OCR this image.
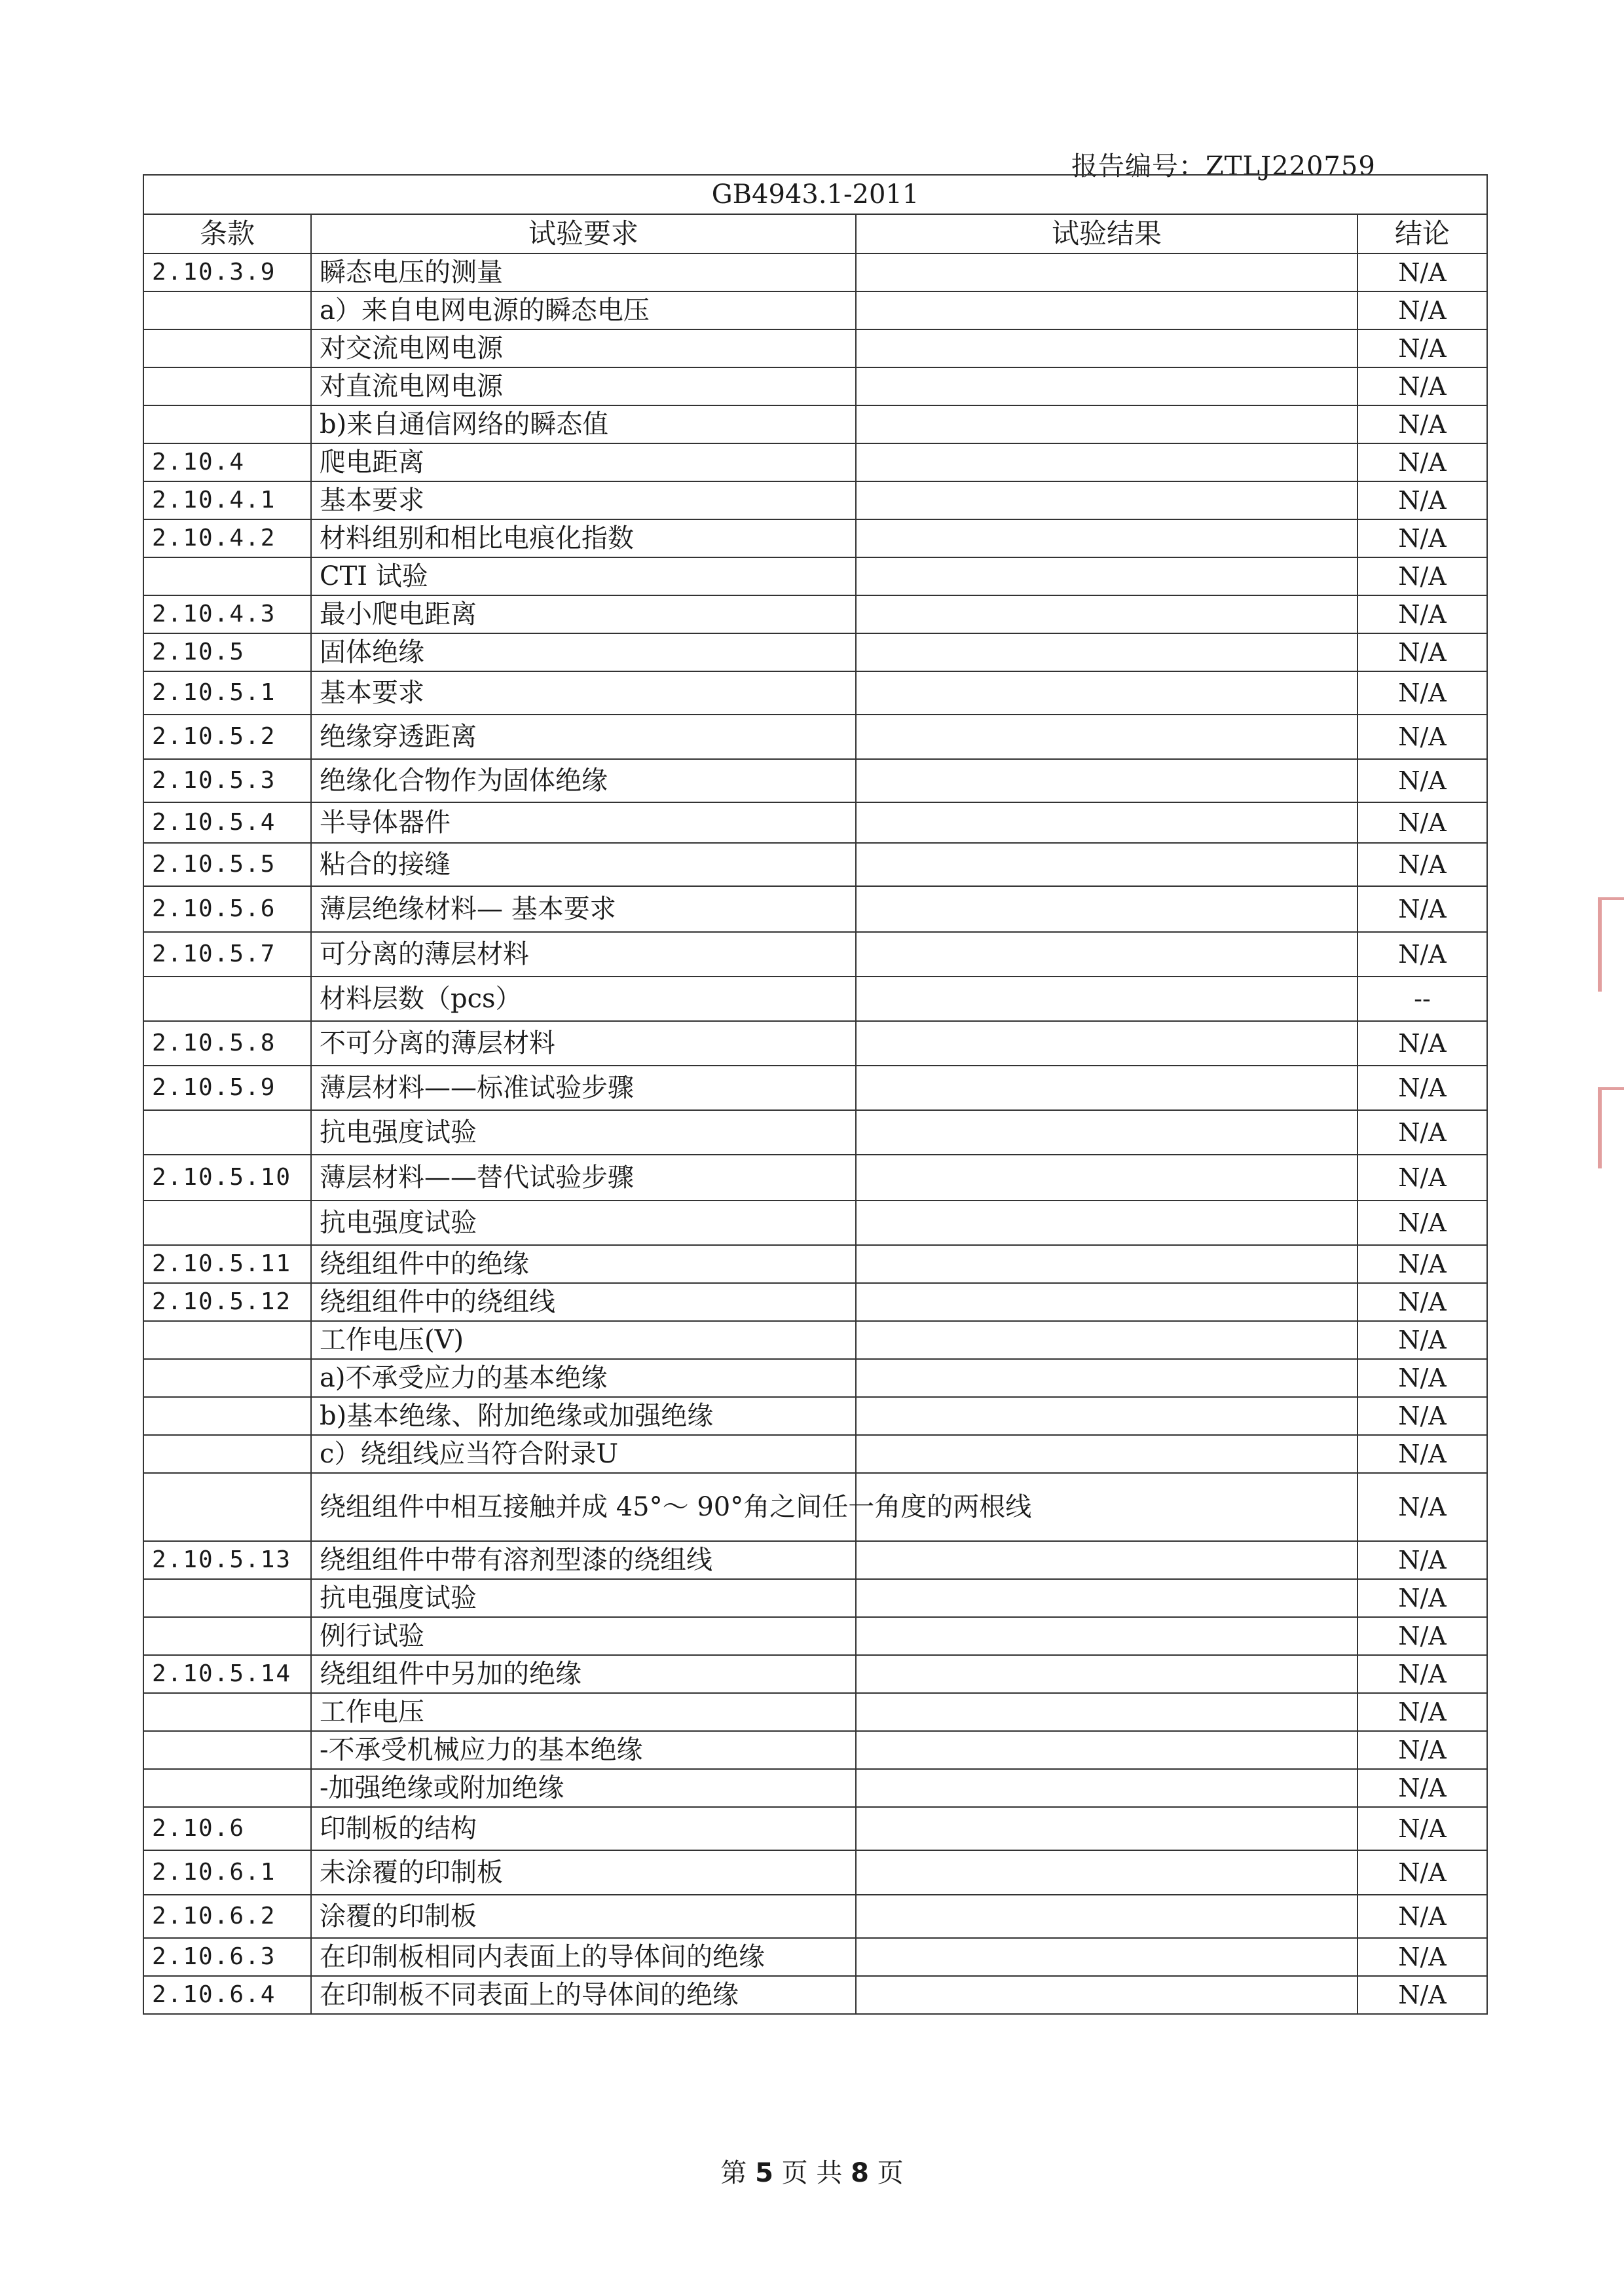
报告编号：ZTLJ220759
GB4943.1-2011			
条款	试验要求	试验结果	结论
2.10.3.9	瞬态电压的测量		N/A
	a）来自电网电源的瞬态电压		N/A
	对交流电网电源		N/A
	对直流电网电源		N/A
	b)来自通信网络的瞬态值		N/A
2.10.4	爬电距离		N/A
2.10.4.1	基本要求		N/A
2.10.4.2	材料组别和相比电痕化指数		N/A
	CTI 试验		N/A
2.10.4.3	最小爬电距离		N/A
2.10.5	固体绝缘		N/A
2.10.5.1	基本要求		N/A
2.10.5.2	绝缘穿透距离		N/A
2.10.5.3	绝缘化合物作为固体绝缘		N/A
2.10.5.4	半导体器件		N/A
2.10.5.5	粘合的接缝		N/A
2.10.5.6	薄层绝缘材料— 基本要求		N/A
2.10.5.7	可分离的薄层材料		N/A
	材料层数（pcs）		--
2.10.5.8	不可分离的薄层材料		N/A
2.10.5.9	薄层材料——标准试验步骤		N/A
	抗电强度试验		N/A
2.10.5.10	薄层材料——替代试验步骤		N/A
	抗电强度试验		N/A
2.10.5.11	绕组组件中的绝缘		N/A
2.10.5.12	绕组组件中的绕组线		N/A
	工作电压(V)		N/A
	a)不承受应力的基本绝缘		N/A
	b)基本绝缘、附加绝缘或加强绝缘		N/A
	c）绕组线应当符合附录U		N/A
	绕组组件中相互接触并成 45°～ 90°角之间任一角度的两根线		N/A
2.10.5.13	绕组组件中带有溶剂型漆的绕组线		N/A
	抗电强度试验		N/A
	例行试验		N/A
2.10.5.14	绕组组件中另加的绝缘		N/A
	工作电压		N/A
	-不承受机械应力的基本绝缘		N/A
	-加强绝缘或附加绝缘		N/A
2.10.6	印制板的结构		N/A
2.10.6.1	未涂覆的印制板		N/A
2.10.6.2	涂覆的印制板		N/A
2.10.6.3	在印制板相同内表面上的导体间的绝缘		N/A
2.10.6.4	在印制板不同表面上的导体间的绝缘		N/A
第 5 页 共 8 页
